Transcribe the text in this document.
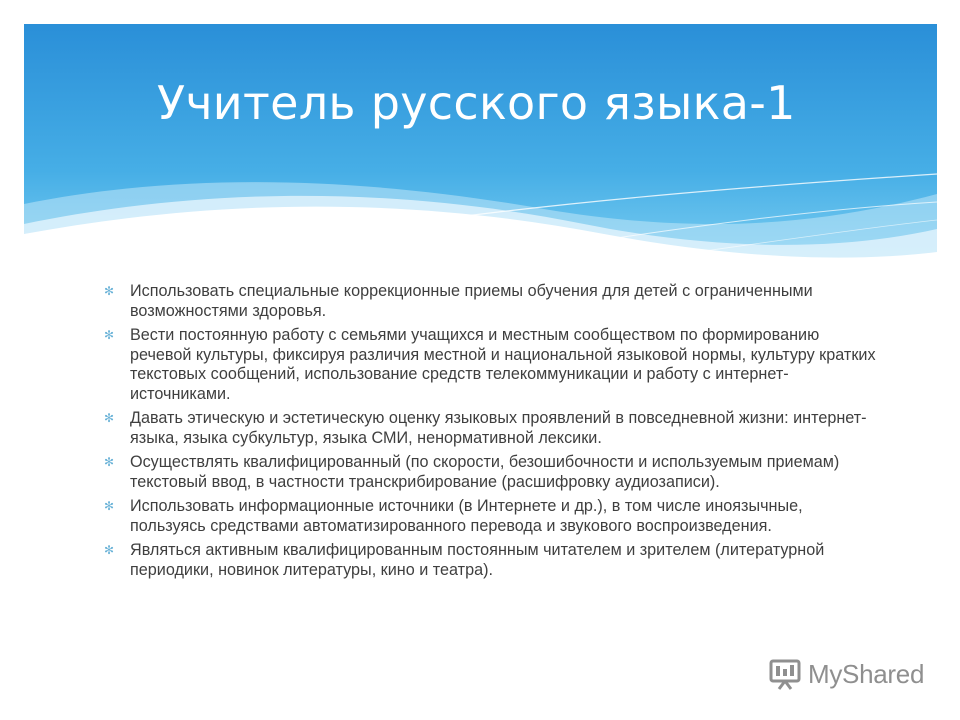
Учитель русского языка-1
✻ Использовать специальные коррекционные приемы обучения для детей с ограниченными возможностями здоровья.
✻ Вести постоянную работу с семьями учащихся и местным сообществом по формированию речевой культуры, фиксируя различия местной и национальной языковой нормы, культуру кратких текстовых сообщений, использование средств телекоммуникации и работу с интернет-источниками.
✻ Давать этическую и эстетическую оценку языковых проявлений в повседневной жизни: интернет-языка, языка субкультур, языка СМИ, ненормативной лексики.
✻ Осуществлять квалифицированный (по скорости, безошибочности и используемым приемам) текстовый ввод, в частности транскрибирование (расшифровку аудиозаписи).
✻ Использовать информационные источники (в Интернете и др.), в том числе иноязычные, пользуясь средствами автоматизированного перевода и звукового воспроизведения.
✻ Являться активным квалифицированным постоянным читателем и зрителем (литературной периодики, новинок литературы, кино и театра).
MyShared
